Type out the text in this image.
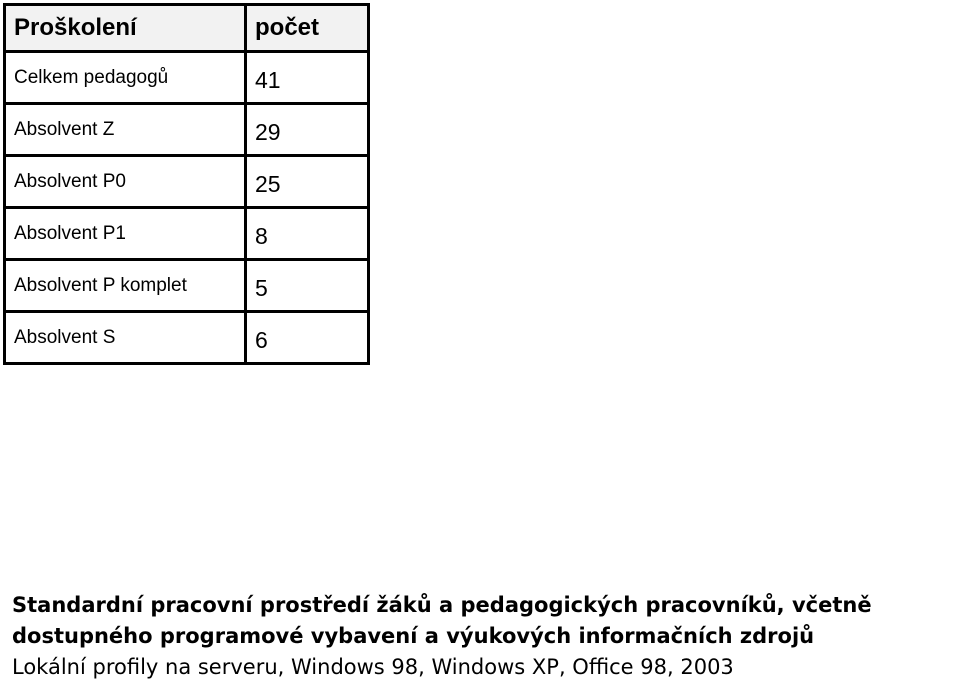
Proškolení	počet
Celkem pedagogů	41
Absolvent Z	29
Absolvent P0	25
Absolvent P1	8
Absolvent P komplet	5
Absolvent S	6

Standardní pracovní prostředí žáků a pedagogických pracovníků, včetně

dostupného programové vybavení a výukových informačních zdrojů

Lokální profily na serveru, Windows 98, Windows XP, Office 98, 2003
